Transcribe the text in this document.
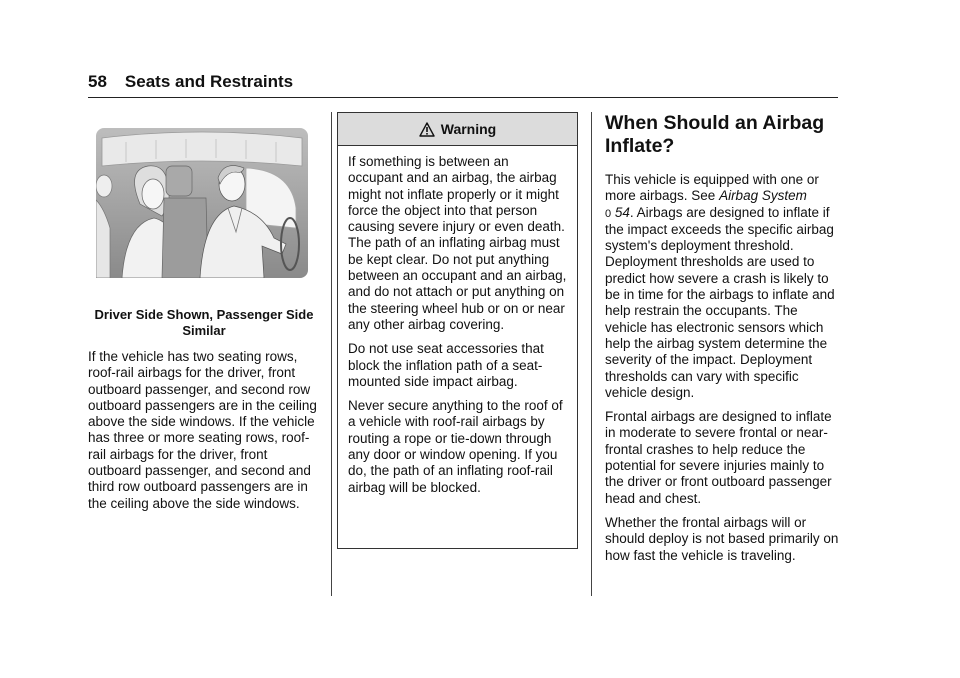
58 Seats and Restraints
Driver Side Shown, Passenger Side Similar

If the vehicle has two seating rows, roof-rail airbags for the driver, front outboard passenger, and second row outboard passengers are in the ceiling above the side windows. If the vehicle has three or more seating rows, roof-rail airbags for the driver, front outboard passenger, and second and third row outboard passengers are in the ceiling above the side windows.

Warning

If something is between an occupant and an airbag, the airbag might not inflate properly or it might force the object into that person causing severe injury or even death. The path of an inflating airbag must be kept clear. Do not put anything between an occupant and an airbag, and do not attach or put anything on the steering wheel hub or on or near any other airbag covering.

Do not use seat accessories that block the inflation path of a seat-mounted side impact airbag.

Never secure anything to the roof of a vehicle with roof-rail airbags by routing a rope or tie-down through any door or window opening. If you do, the path of an inflating roof-rail airbag will be blocked.

When Should an Airbag Inflate?

This vehicle is equipped with one or more airbags. See Airbag System
0 54. Airbags are designed to inflate if the impact exceeds the specific airbag system's deployment threshold. Deployment thresholds are used to predict how severe a crash is likely to be in time for the airbags to inflate and help restrain the occupants. The vehicle has electronic sensors which help the airbag system determine the severity of the impact. Deployment thresholds can vary with specific vehicle design.

Frontal airbags are designed to inflate in moderate to severe frontal or near-frontal crashes to help reduce the potential for severe injuries mainly to the driver or front outboard passenger head and chest.

Whether the frontal airbags will or should deploy is not based primarily on how fast the vehicle is traveling.
